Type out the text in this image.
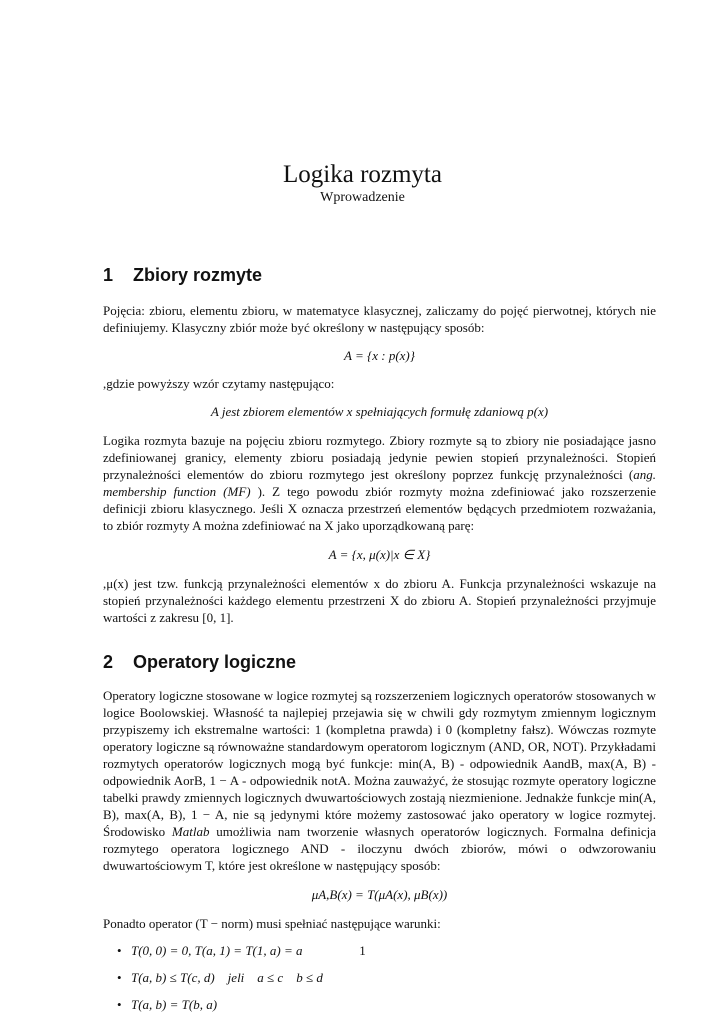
Logika rozmyta
Wprowadzenie
1 Zbiory rozmyte

Pojęcia: zbioru, elementu zbioru, w matematyce klasycznej, zaliczamy do pojęć pierwotnej, których nie definiujemy. Klasyczny zbiór może być określony w następujący sposób:

A = {x : p(x)}

,gdzie powyższy wzór czytamy następująco:

A jest zbiorem elementów x spełniających formułę zdaniową p(x)

Logika rozmyta bazuje na pojęciu zbioru rozmytego. Zbiory rozmyte są to zbiory nie posiadające jasno zdefiniowanej granicy, elementy zbioru posiadają jedynie pewien stopień przynależności. Stopień przynależności elementów do zbioru rozmytego jest określony poprzez funkcję przynależności (ang. membership function (MF) ). Z tego powodu zbiór rozmyty można zdefiniować jako rozszerzenie definicji zbioru klasycznego. Jeśli X oznacza przestrzeń elementów będących przedmiotem rozważania, to zbiór rozmyty A można zdefiniować na X jako uporządkowaną parę:

A = {x, μ(x)|x ∈ X}

,μ(x) jest tzw. funkcją przynależności elementów x do zbioru A. Funkcja przynależności wskazuje na stopień przynależności każdego elementu przestrzeni X do zbioru A. Stopień przynależności przyjmuje wartości z zakresu [0, 1].

2 Operatory logiczne

Operatory logiczne stosowane w logice rozmytej są rozszerzeniem logicznych operatorów stosowanych w logice Boolowskiej. Własność ta najlepiej przejawia się w chwili gdy rozmytym zmiennym logicznym przypiszemy ich ekstremalne wartości: 1 (kompletna prawda) i 0 (kompletny fałsz). Wówczas rozmyte operatory logiczne są równoważne standardowym operatorom logicznym (AND, OR, NOT). Przykładami rozmytych operatorów logicznych mogą być funkcje: min(A, B) - odpowiednik AandB, max(A, B) - odpowiednik AorB, 1 − A - odpowiednik notA. Można zauważyć, że stosując rozmyte operatory logiczne tabelki prawdy zmiennych logicznych dwuwartościowych zostają niezmienione. Jednakże funkcje min(A, B), max(A, B), 1 − A, nie są jedynymi które możemy zastosować jako operatory w logice rozmytej. Środowisko Matlab umożliwia nam tworzenie własnych operatorów logicznych. Formalna definicja rozmytego operatora logicznego AND - iloczynu dwóch zbiorów, mówi o odwzorowaniu dwuwartościowym T, które jest określone w następujący sposób:

μA,B(x) = T(μA(x), μB(x))

Ponadto operator (T − norm) musi spełniać następujące warunki:

• T(0, 0) = 0, T(a, 1) = T(1, a) = a
• T(a, b) ≤ T(c, d)    jeli    a ≤ c    b ≤ d
• T(a, b) = T(b, a)
1
